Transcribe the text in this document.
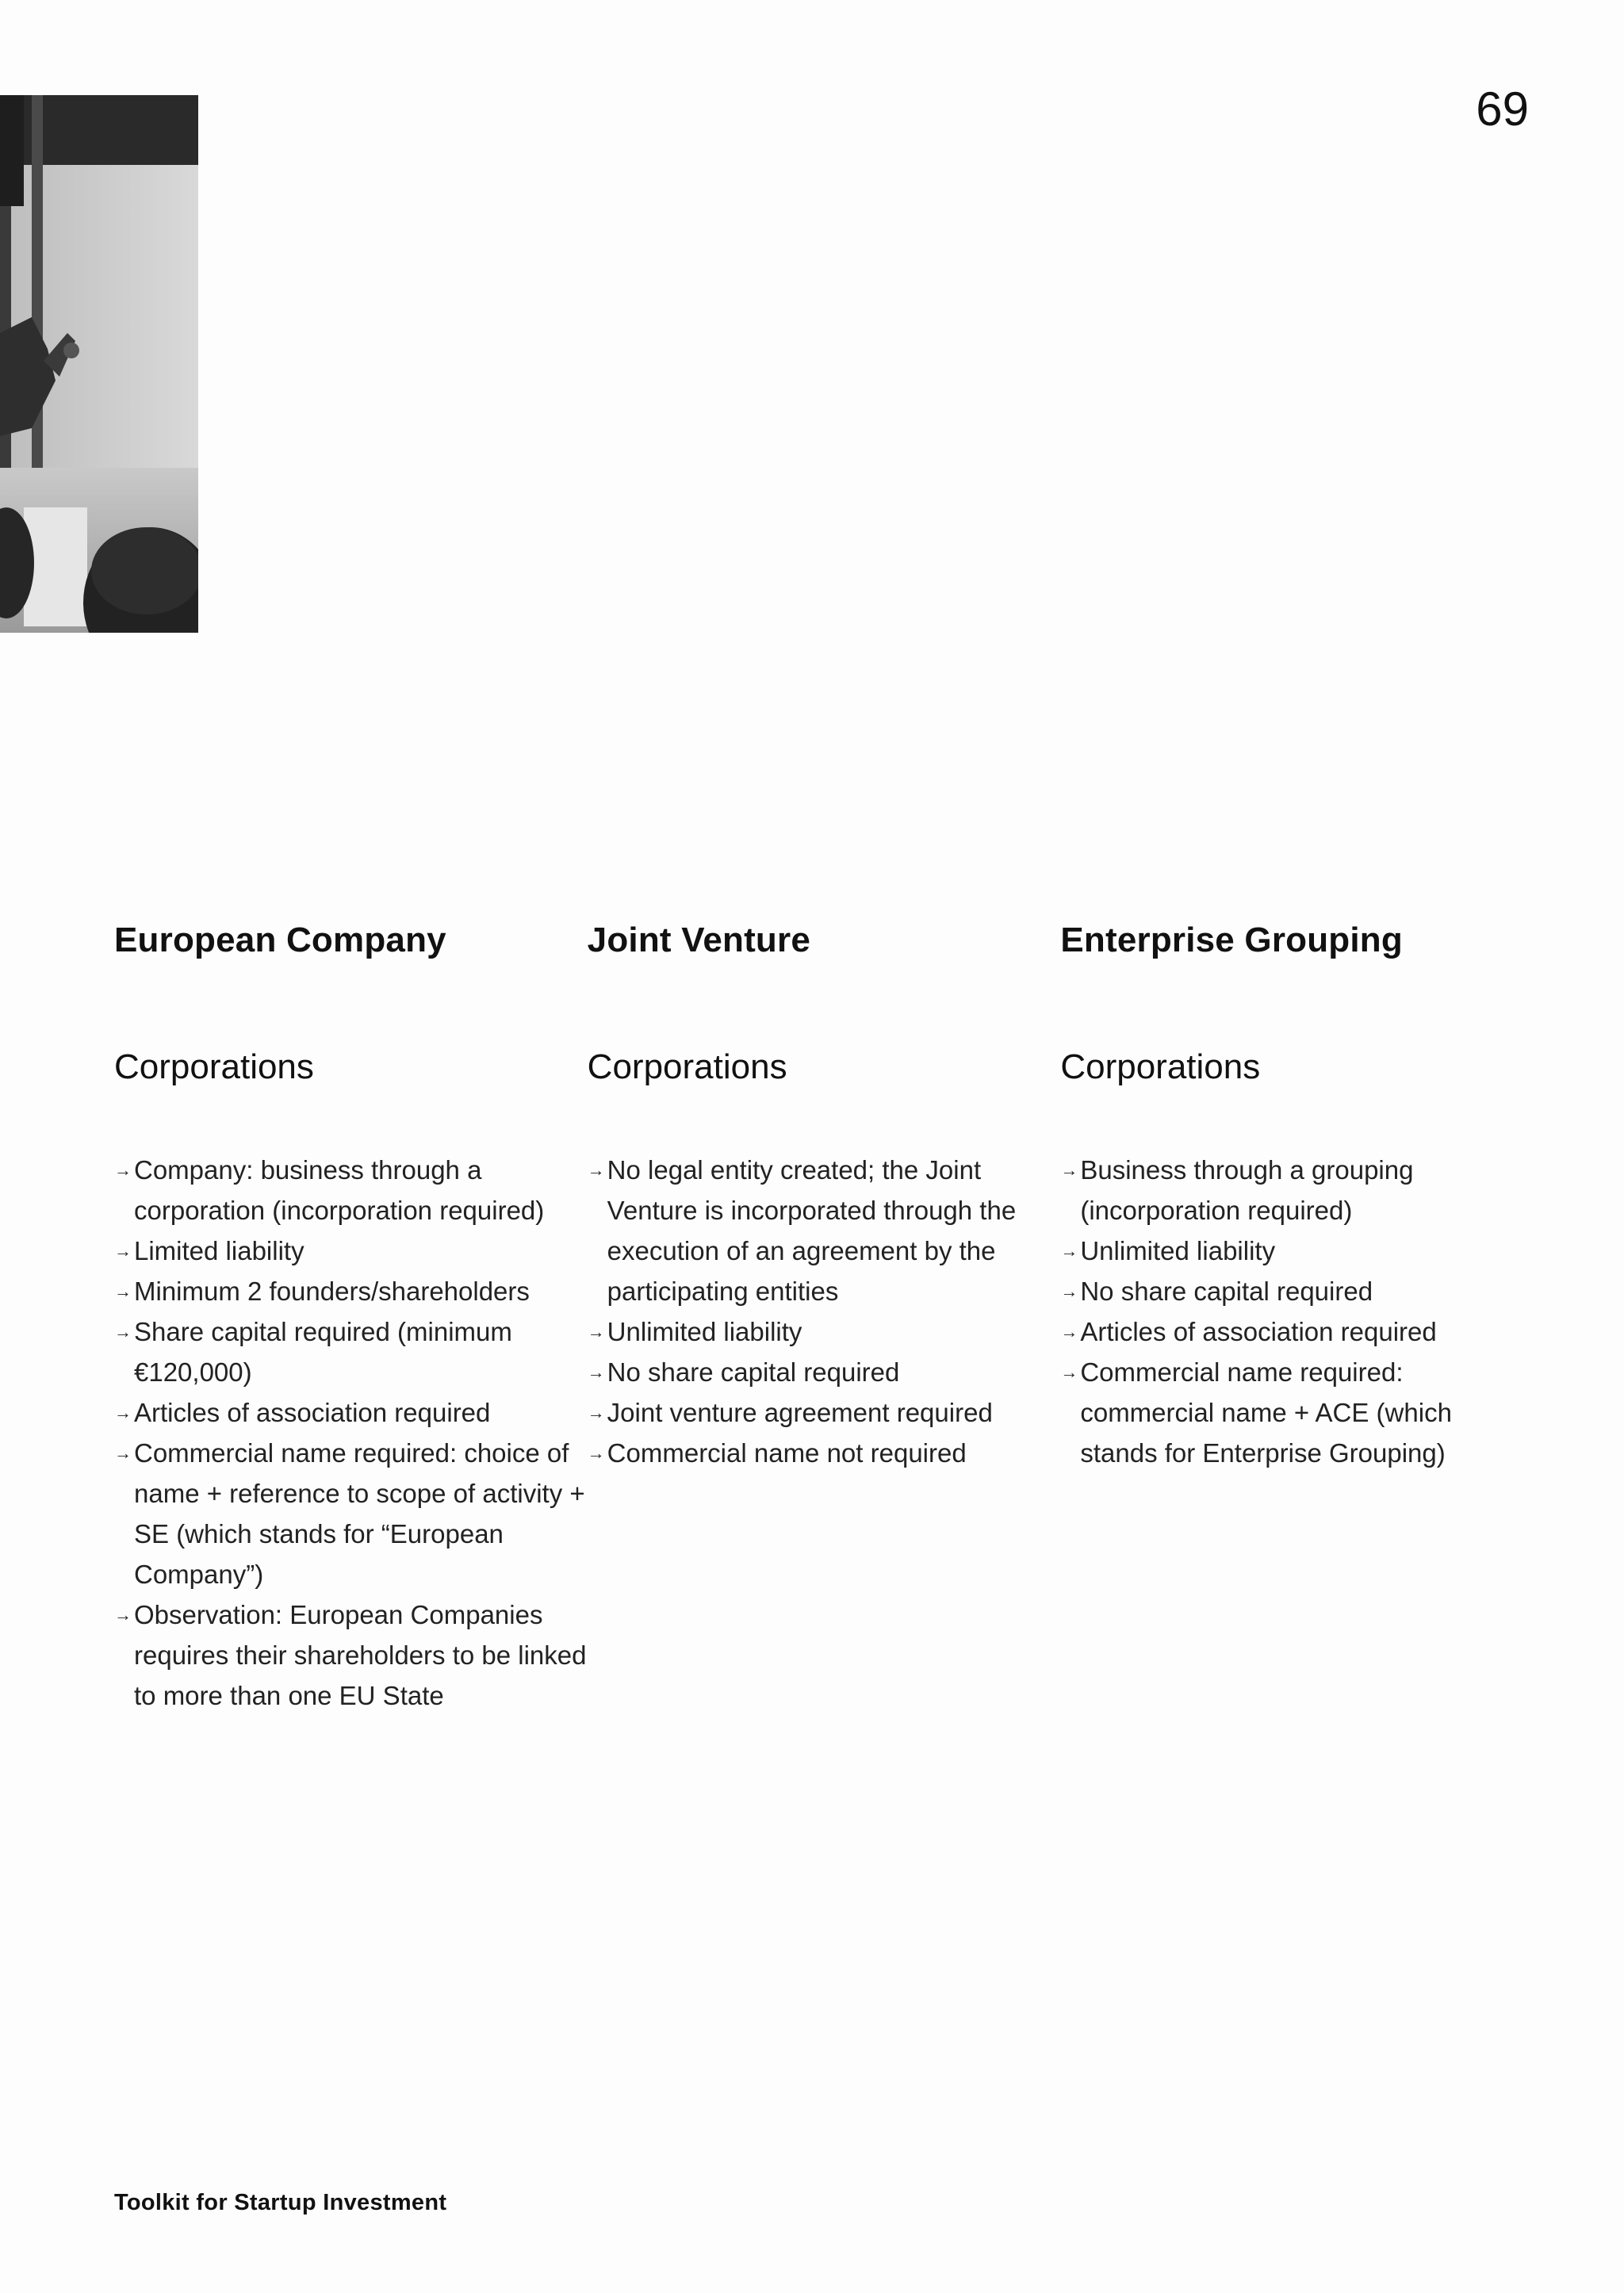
69
European Company
Corporations
→ Company: business through a corporation (incorporation required)
→ Limited liability
→ Minimum 2 founders/shareholders
→ Share capital required (minimum €120,000)
→ Articles of association required
→ Commercial name required: choice of name + reference to scope of activity + SE (which stands for “European Company”)
→ Observation: European Companies requires their shareholders to be linked to more than one EU State
Joint Venture
Corporations
→ No legal entity created; the Joint Venture is incorporated through the execution of an agreement by the participating entities
→ Unlimited liability
→ No share capital required
→ Joint venture agreement required
→ Commercial name not required
Enterprise Grouping
Corporations
→ Business through a grouping (incorporation required)
→ Unlimited liability
→ No share capital required
→ Articles of association required
→ Commercial name required: commercial name + ACE (which stands for Enterprise Grouping)
Toolkit for Startup Investment
